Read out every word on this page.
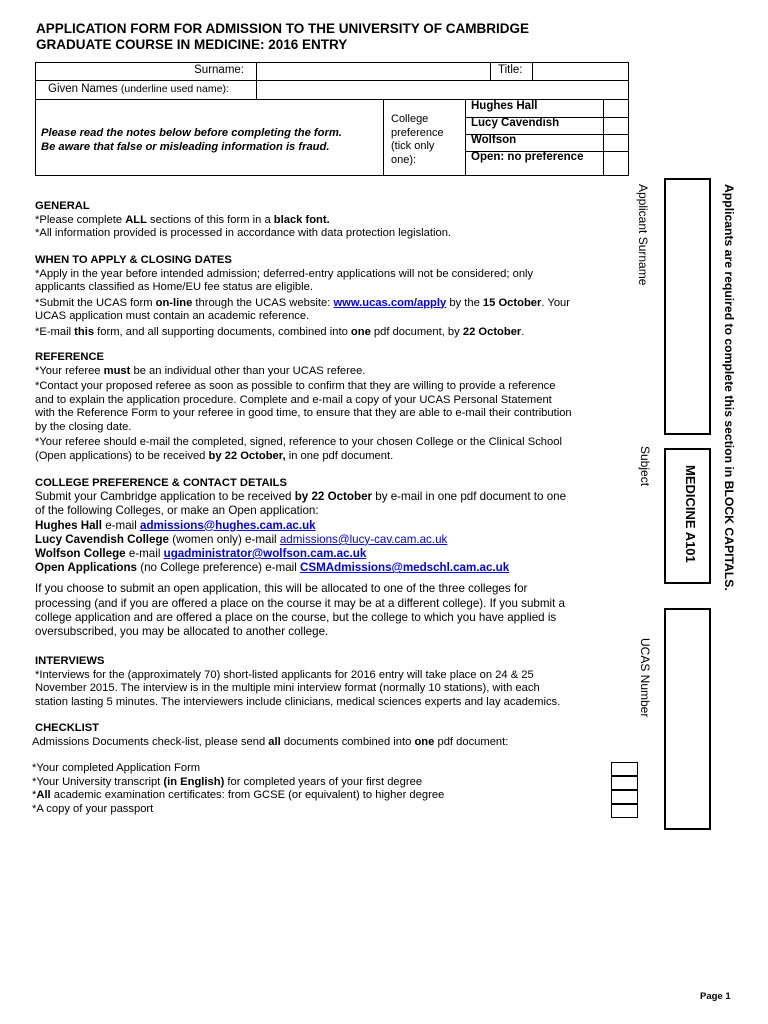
APPLICATION FORM FOR ADMISSION TO THE UNIVERSITY OF CAMBRIDGE
GRADUATE COURSE IN MEDICINE: 2016 ENTRY
Surname:	Title:
Given Names (underline used name):
Please read the notes below before completing the form.
Be aware that false or misleading information is fraud.
College
preference
(tick only
one):
Hughes Hall
Lucy Cavendish
Wolfson
Open: no preference

GENERAL

*Please complete ALL sections of this form in a black font.

*All information provided is processed in accordance with data protection legislation.

WHEN TO APPLY & CLOSING DATES

*Apply in the year before intended admission; deferred-entry applications will not be considered; only

applicants classified as Home/EU fee status are eligible.

*Submit the UCAS form on-line through the UCAS website: www.ucas.com/apply by the 15 October. Your

UCAS application must contain an academic reference.

*E-mail this form, and all supporting documents, combined into one pdf document, by 22 October.

REFERENCE

*Your referee must be an individual other than your UCAS referee.

*Contact your proposed referee as soon as possible to confirm that they are willing to provide a reference

and to explain the application procedure. Complete and e-mail a copy of your UCAS Personal Statement

with the Reference Form to your referee in good time, to ensure that they are able to e-mail their contribution

by the closing date.

*Your referee should e-mail the completed, signed, reference to your chosen College or the Clinical School

(Open applications) to be received by 22 October, in one pdf document.

COLLEGE PREFERENCE & CONTACT DETAILS

Submit your Cambridge application to be received by 22 October by e-mail in one pdf document to one

of the following Colleges, or make an Open application:

Hughes Hall e-mail admissions@hughes.cam.ac.uk

Lucy Cavendish College (women only) e-mail admissions@lucy-cav.cam.ac.uk

Wolfson College e-mail ugadministrator@wolfson.cam.ac.uk

Open Applications (no College preference) e-mail CSMAdmissions@medschl.cam.ac.uk

If you choose to submit an open application, this will be allocated to one of the three colleges for

processing (and if you are offered a place on the course it may be at a different college). If you submit a

college application and are offered a place on the course, but the college to which you have applied is

oversubscribed, you may be allocated to another college.

INTERVIEWS

*Interviews for the (approximately 70) short-listed applicants for 2016 entry will take place on 24 & 25

November 2015. The interview is in the multiple mini interview format (normally 10 stations), with each

station lasting 5 minutes. The interviewers include clinicians, medical sciences experts and lay academics.

CHECKLIST

Admissions Documents check-list, please send all documents combined into one pdf document:

*Your completed Application Form

*Your University transcript (in English) for completed years of your first degree

*All academic examination certificates: from GCSE (or equivalent) to higher degree

*A copy of your passport

Applicants are required to complete this section in BLOCK CAPITALS.
Applicant Surname
Subject MEDICINE A101
UCAS Number
Page 1
